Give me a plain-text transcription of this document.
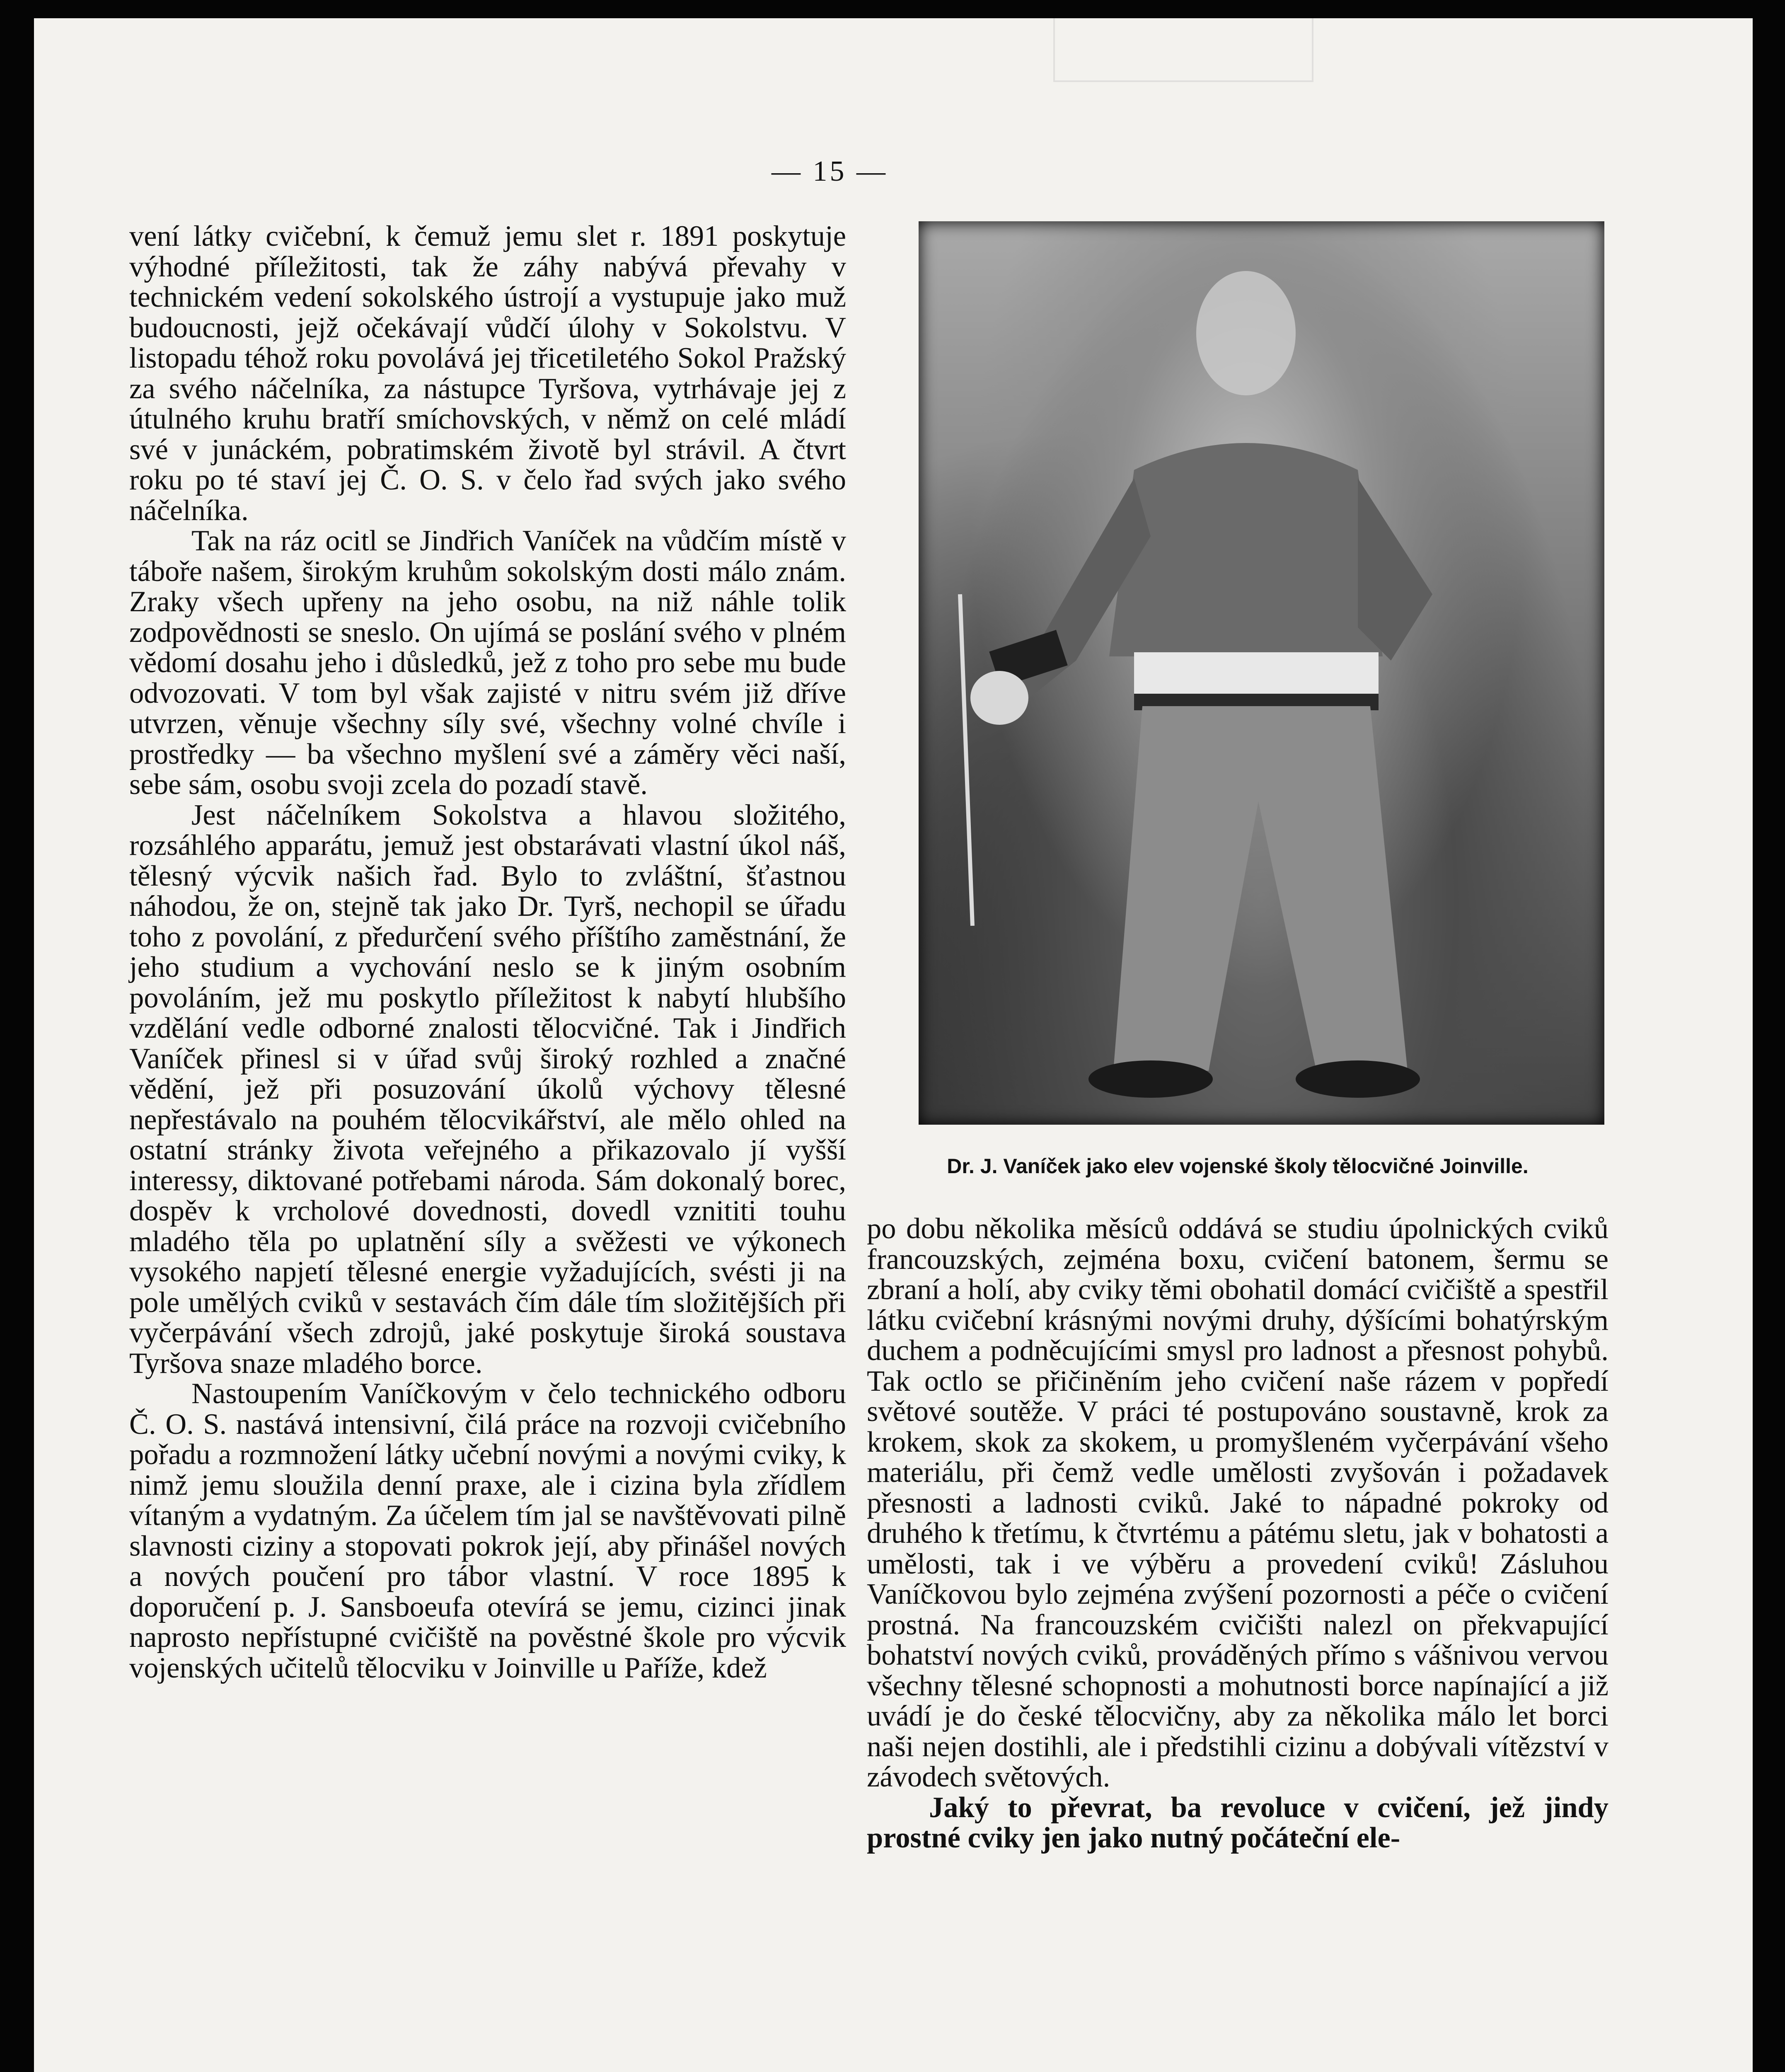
— 15 —

vení látky cvičební, k čemuž jemu slet r. 1891 poskytuje výhodné příležitosti, tak že záhy nabývá převahy v technickém vedení sokolského ústrojí a vystupuje jako muž budoucnosti, jejž očekávají vůdčí úlohy v Sokolstvu. V listopadu téhož roku povolává jej třicetiletého Sokol Pražský za svého náčelníka, za nástupce Tyršova, vytrhávaje jej z útulného kruhu bratří smíchovských, v němž on celé mládí své v junáckém, pobratimském životě byl strávil. A čtvrt roku po té staví jej Č. O. S. v čelo řad svých jako svého náčelníka.

Tak na ráz ocitl se Jindřich Vaníček na vůdčím místě v táboře našem, širokým kruhům sokolským dosti málo znám. Zraky všech upřeny na jeho osobu, na niž náhle tolik zodpovědnosti se sneslo. On ujímá se poslání svého v plném vědomí dosahu jeho i důsledků, jež z toho pro sebe mu bude odvozovati. V tom byl však zajisté v nitru svém již dříve utvrzen, věnuje všechny síly své, všechny volné chvíle i prostředky — ba všechno myšlení své a záměry věci naší, sebe sám, osobu svoji zcela do pozadí stavě.

Jest náčelníkem Sokolstva a hlavou složitého, rozsáhlého apparátu, jemuž jest obstarávati vlastní úkol náš, tělesný výcvik našich řad. Bylo to zvláštní, šťastnou náhodou, že on, stejně tak jako Dr. Tyrš, nechopil se úřadu toho z povolání, z předurčení svého příštího zaměstnání, že jeho studium a vychování neslo se k jiným osobním povoláním, jež mu poskytlo příležitost k nabytí hlubšího vzdělání vedle odborné znalosti tělocvičné. Tak i Jindřich Vaníček přinesl si v úřad svůj široký rozhled a značné vědění, jež při posuzování úkolů výchovy tělesné nepřestávalo na pouhém tělocvikářství, ale mělo ohled na ostatní stránky života veřejného a přikazovalo jí vyšší interessy, diktované potřebami národa. Sám dokonalý borec, dospěv k vrcholové dovednosti, dovedl vznititi touhu mladého těla po uplatnění síly a svěžesti ve výkonech vysokého napjetí tělesné energie vyžadujících, svésti ji na pole umělých cviků v sestavách čím dále tím složitějších při vyčerpávání všech zdrojů, jaké poskytuje široká soustava Tyršova snaze mladého borce.

Nastoupením Vaníčkovým v čelo technického odboru Č. O. S. nastává intensivní, čilá práce na rozvoji cvičebního pořadu a rozmnožení látky učební novými a novými cviky, k nimž jemu sloužila denní praxe, ale i cizina byla zřídlem vítaným a vydatným. Za účelem tím jal se navštěvovati pilně slavnosti ciziny a stopovati pokrok její, aby přinášel nových a nových poučení pro tábor vlastní. V roce 1895 k doporučení p. J. Sansboeufa otevírá se jemu, cizinci jinak naprosto nepřístupné cvičiště na pověstné škole pro výcvik vojenských učitelů tělocviku v Joinville u Paříže, kdež

Dr. J. Vaníček jako elev vojenské školy tělocvičné Joinville.

po dobu několika měsíců oddává se studiu úpolnických cviků francouzských, zejména boxu, cvičení batonem, šermu se zbraní a holí, aby cviky těmi obohatil domácí cvičiště a spestřil látku cvičební krásnými novými druhy, dýšícími bohatýrským duchem a podněcujícími smysl pro ladnost a přesnost pohybů. Tak octlo se přičiněním jeho cvičení naše rázem v popředí světové soutěže. V práci té postupováno soustavně, krok za krokem, skok za skokem, u promyšleném vyčerpávání všeho materiálu, při čemž vedle umělosti zvyšován i požadavek přesnosti a ladnosti cviků. Jaké to nápadné pokroky od druhého k třetímu, k čtvrtému a pátému sletu, jak v bohatosti a umělosti, tak i ve výběru a provedení cviků! Zásluhou Vaníčkovou bylo zejména zvýšení pozornosti a péče o cvičení prostná. Na francouzském cvičišti nalezl on překvapující bohatství nových cviků, prováděných přímo s vášnivou vervou všechny tělesné schopnosti a mohutnosti borce napínající a již uvádí je do české tělocvičny, aby za několika málo let borci naši nejen dostihli, ale i předstihli cizinu a dobývali vítězství v závodech světových.

Jaký to převrat, ba revoluce v cvičení, jež jindy prostné cviky jen jako nutný počáteční ele-
